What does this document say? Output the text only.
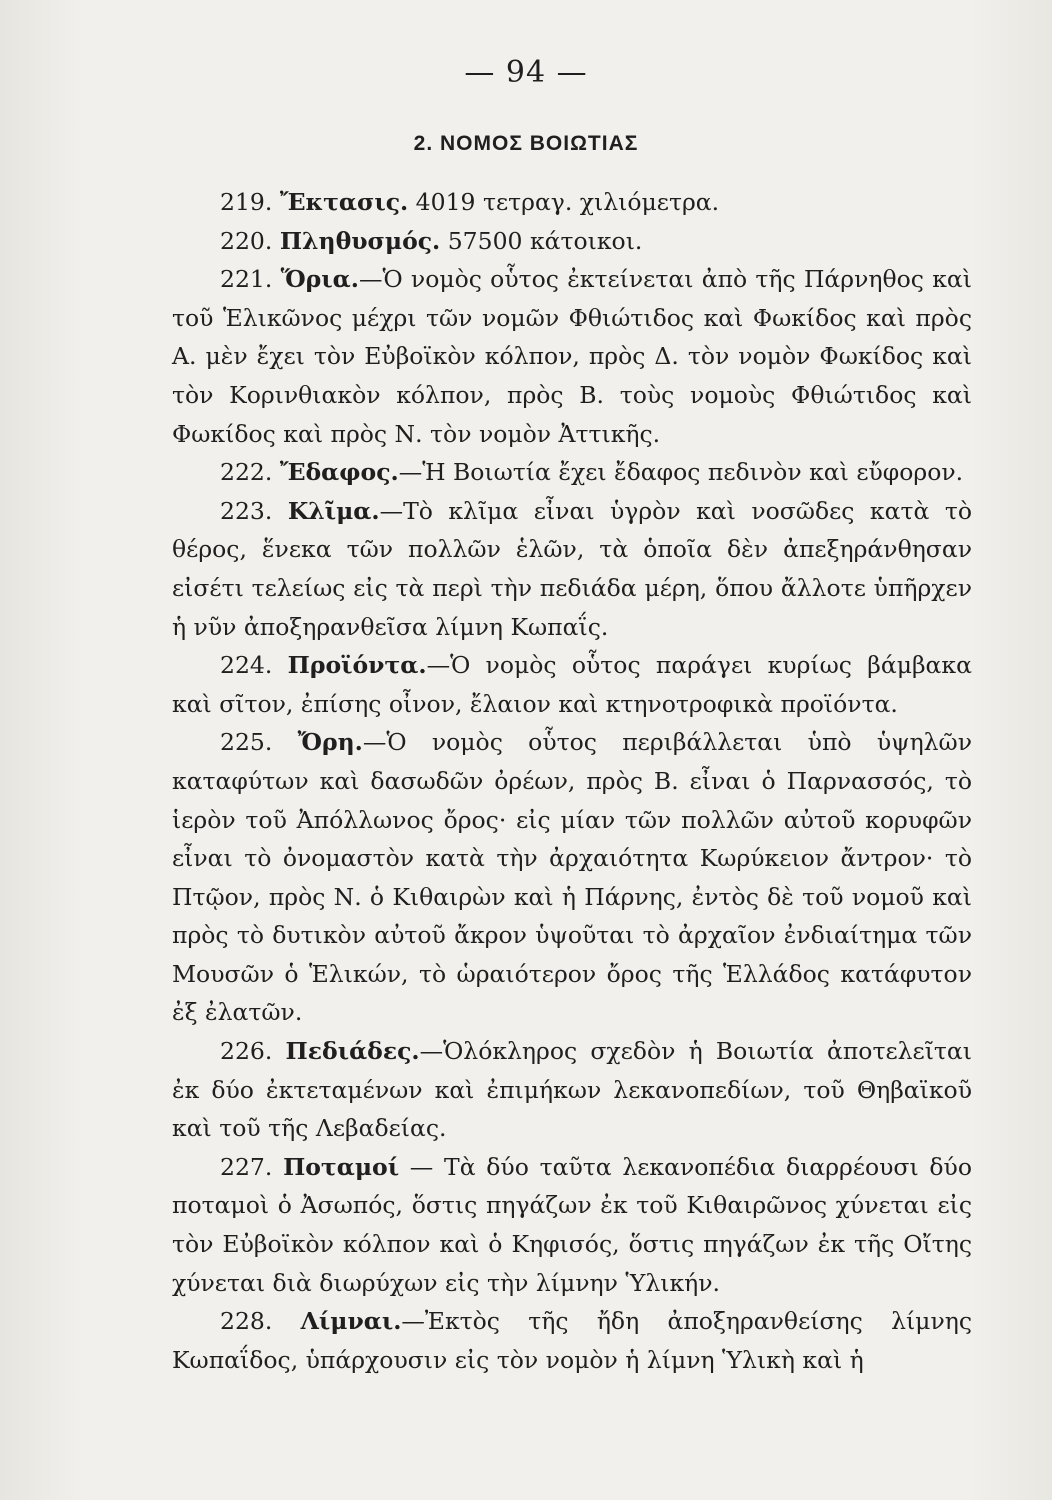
— 94 —
2. ΝΟΜΟΣ ΒΟΙΩΤΙΑΣ

219. Ἔκτασις. 4019 τετραγ. χιλιόμετρα.

220. Πληθυσμός. 57500 κάτοικοι.

221. Ὅρια.—Ὁ νομὸς οὗτος ἐκτείνεται ἀπὸ τῆς Πάρνηθος καὶ τοῦ Ἑλικῶνος μέχρι τῶν νομῶν Φθιώτιδος καὶ Φωκίδος καὶ πρὸς Α. μὲν ἔχει τὸν Εὐβοϊκὸν κόλπον, πρὸς Δ. τὸν νομὸν Φωκίδος καὶ τὸν Κορινθιακὸν κόλπον, πρὸς Β. τοὺς νομοὺς Φθιώτιδος καὶ Φωκίδος καὶ πρὸς Ν. τὸν νομὸν Ἀττικῆς.

222. Ἔδαφος.—Ἡ Βοιωτία ἔχει ἔδαφος πεδινὸν καὶ εὔφορον.

223. Κλῖμα.—Τὸ κλῖμα εἶναι ὑγρὸν καὶ νοσῶδες κατὰ τὸ θέρος, ἕνεκα τῶν πολλῶν ἑλῶν, τὰ ὁποῖα δὲν ἀπεξηράνθησαν εἰσέτι τελείως εἰς τὰ περὶ τὴν πεδιάδα μέρη, ὅπου ἄλλοτε ὑπῆρχεν ἡ νῦν ἀποξηρανθεῖσα λίμνη Κωπαΐς.

224. Προϊόντα.—Ὁ νομὸς οὗτος παράγει κυρίως βάμβακα καὶ σῖτον, ἐπίσης οἶνον, ἔλαιον καὶ κτηνοτροφικὰ προϊόντα.

225. Ὄρη.—Ὁ νομὸς οὗτος περιβάλλεται ὑπὸ ὑψηλῶν καταφύτων καὶ δασωδῶν ὀρέων, πρὸς Β. εἶναι ὁ Παρνασσός, τὸ ἱερὸν τοῦ Ἀπόλλωνος ὄρος· εἰς μίαν τῶν πολλῶν αὐτοῦ κορυφῶν εἶναι τὸ ὀνομαστὸν κατὰ τὴν ἀρχαιότητα Κωρύκειον ἄντρον· τὸ Πτῷον, πρὸς Ν. ὁ Κιθαιρὼν καὶ ἡ Πάρνης, ἐντὸς δὲ τοῦ νομοῦ καὶ πρὸς τὸ δυτικὸν αὐτοῦ ἄκρον ὑψοῦται τὸ ἀρχαῖον ἐνδιαίτημα τῶν Μουσῶν ὁ Ἑλικών, τὸ ὡραιότερον ὄρος τῆς Ἑλλάδος κατάφυτον ἐξ ἐλατῶν.

226. Πεδιάδες.—Ὁλόκληρος σχεδὸν ἡ Βοιωτία ἀποτελεῖται ἐκ δύο ἐκτεταμένων καὶ ἐπιμήκων λεκανοπεδίων, τοῦ Θηβαϊκοῦ καὶ τοῦ τῆς Λεβαδείας.

227. Ποταμοί — Τὰ δύο ταῦτα λεκανοπέδια διαρρέουσι δύο ποταμοὶ ὁ Ἀσωπός, ὅστις πηγάζων ἐκ τοῦ Κιθαιρῶνος χύνεται εἰς τὸν Εὐβοϊκὸν κόλπον καὶ ὁ Κηφισός, ὅστις πηγάζων ἐκ τῆς Οἴτης χύνεται διὰ διωρύχων εἰς τὴν λίμνην Ὑλικήν.

228. Λίμναι.—Ἐκτὸς τῆς ἤδη ἀποξηρανθείσης λίμνης Κωπαΐδος, ὑπάρχουσιν εἰς τὸν νομὸν ἡ λίμνη Ὑλικὴ καὶ ἡ
